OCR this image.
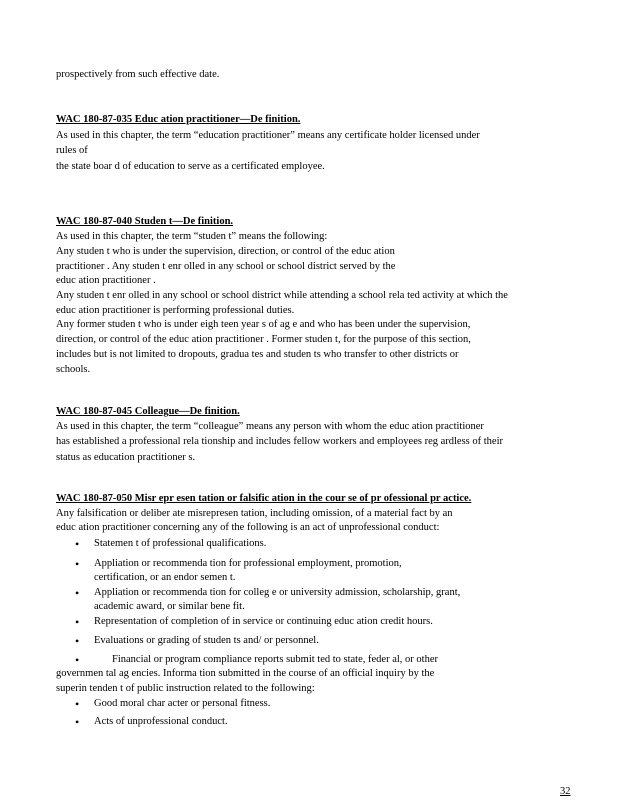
prospectively from such effective date.
WAC 180-87-035 Educ ation practitioner—De finition.
As used in this chapter, the term “education practitioner” means any certificate holder licensed under
rules of
the state boar d of education to serve as a certificated employee.
WAC 180-87-040 Studen t—De finition.
As used in this chapter, the term “studen t” means the following:
Any studen t who is under the supervision, direction, or control of the educ ation
practitioner . Any studen t enr olled in any school or school district served by the
educ ation practitioner .
Any studen t enr olled in any school or school district while attending a school rela ted activity at which the
educ ation practitioner is performing professional duties.
Any former studen t who is under eigh teen year s of ag e and who has been under the supervision,
direction, or control of the educ ation practitioner . Former studen t, for the purpose of this section,
includes but is not limited to dropouts, gradua tes and studen ts who transfer to other districts or
schools.
WAC 180-87-045 Colleague—De finition.
As used in this chapter, the term “colleague” means any person with whom the educ ation practitioner
has established a professional rela tionship and includes fellow workers and employees reg ardless of their
status as education practitioner s.
WAC 180-87-050 Misr epr esen tation or falsific ation in the cour se of pr ofessional pr actice.
Any falsification or deliber ate misrepresen tation, including omission, of a material fact by an
educ ation practitioner concerning any of the following is an act of unprofessional conduct:
• Statemen t of professional qualifications.
• Appliation or recommenda tion for professional employment, promotion,
certification, or an endor semen t.
• Appliation or recommenda tion for colleg e or university admission, scholarship, grant,
academic award, or similar bene fit.
• Representation of completion of in service or continuing educ ation credit hours.
• Evaluations or grading of studen ts and/ or personnel.
•	Financial or program compliance reports submit ted to state, feder al, or other
governmen tal ag encies. Informa tion submitted in the course of an official inquiry by the
superin tenden t of public instruction related to the following:
• Good moral char acter or personal fitness.
• Acts of unprofessional conduct.
32
